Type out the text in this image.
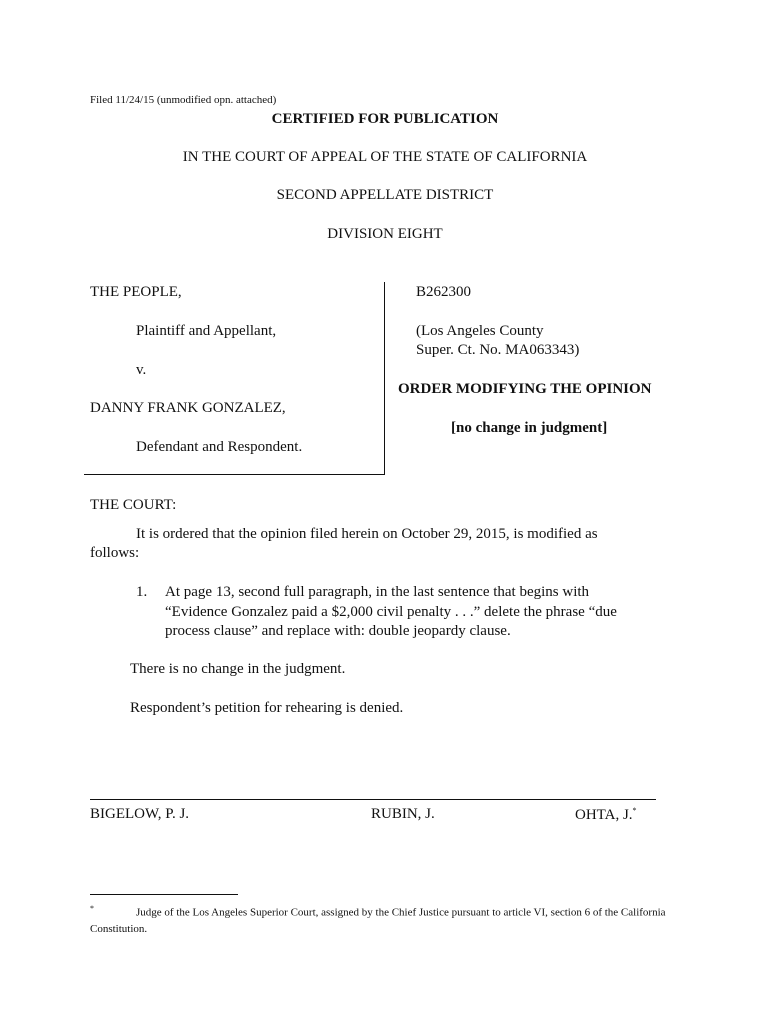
Filed 11/24/15 (unmodified opn. attached)
CERTIFIED FOR PUBLICATION
IN THE COURT OF APPEAL OF THE STATE OF CALIFORNIA
SECOND APPELLATE DISTRICT
DIVISION EIGHT
THE PEOPLE,
Plaintiff and Appellant,
v.
DANNY FRANK GONZALEZ,
Defendant and Respondent.
B262300
(Los Angeles County
Super. Ct. No. MA063343)
ORDER MODIFYING THE OPINION
[no change in judgment]
THE COURT:
It is ordered that the opinion filed herein on October 29, 2015, is modified as
follows:
1. At page 13, second full paragraph, in the last sentence that begins with
“Evidence Gonzalez paid a $2,000 civil penalty . . .” delete the phrase “due
process clause” and replace with: double jeopardy clause.
There is no change in the judgment.
Respondent’s petition for rehearing is denied.
BIGELOW, P. J.	RUBIN, J.	OHTA, J.*
*	Judge of the Los Angeles Superior Court, assigned by the Chief Justice pursuant to article VI, section 6 of the California Constitution.
